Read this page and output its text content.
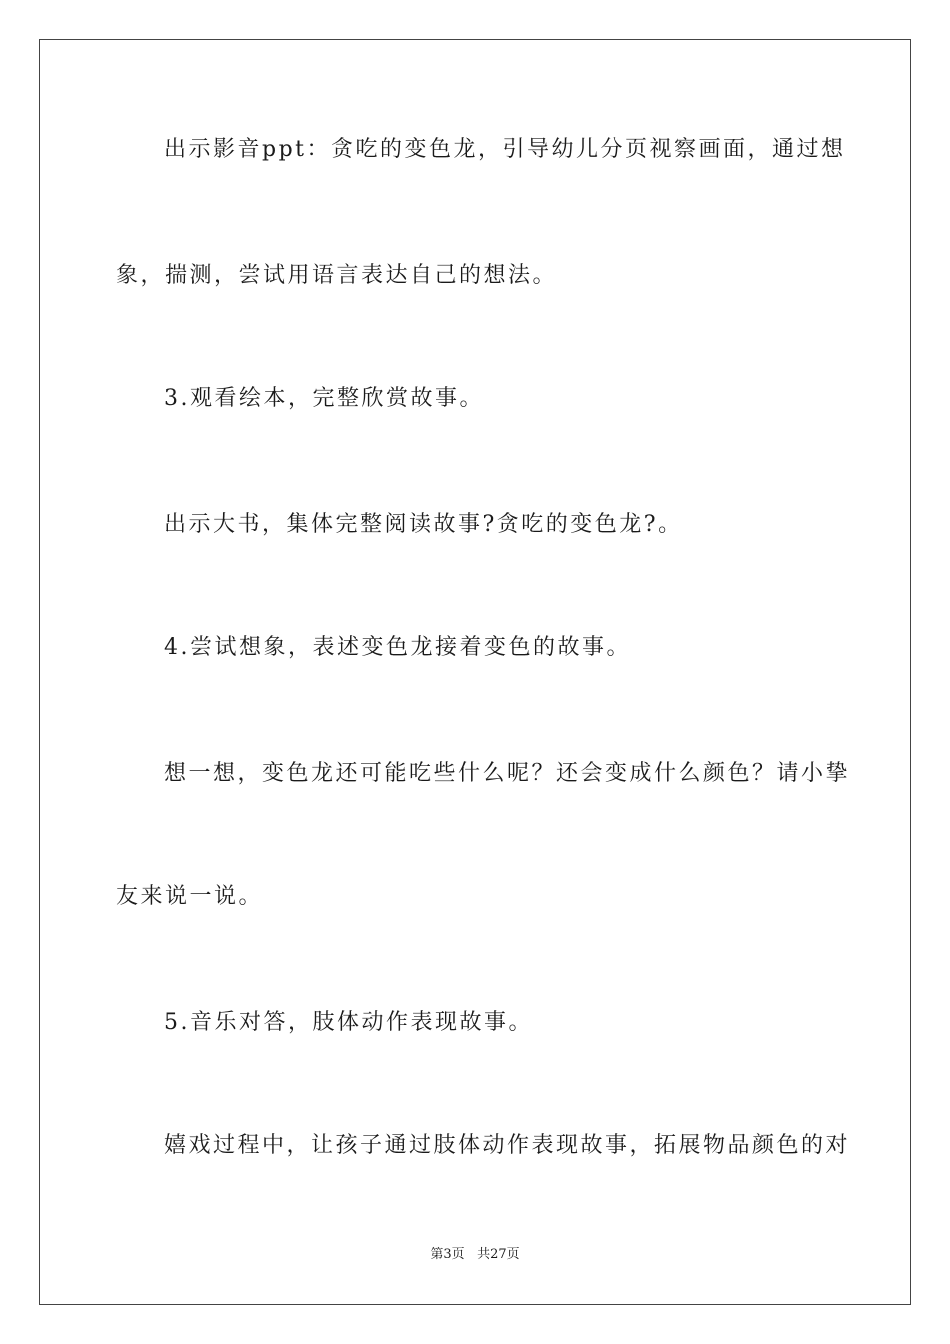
出示影音ppt：贪吃的变色龙，引导幼儿分页视察画面，通过想
象，揣测，尝试用语言表达自己的想法。
3.观看绘本，完整欣赏故事。
出示大书，集体完整阅读故事?贪吃的变色龙?。
4.尝试想象，表述变色龙接着变色的故事。
想一想，变色龙还可能吃些什么呢？还会变成什么颜色？请小挚
友来说一说。
5.音乐对答，肢体动作表现故事。
嬉戏过程中，让孩子通过肢体动作表现故事，拓展物品颜色的对
第3页 共27页
